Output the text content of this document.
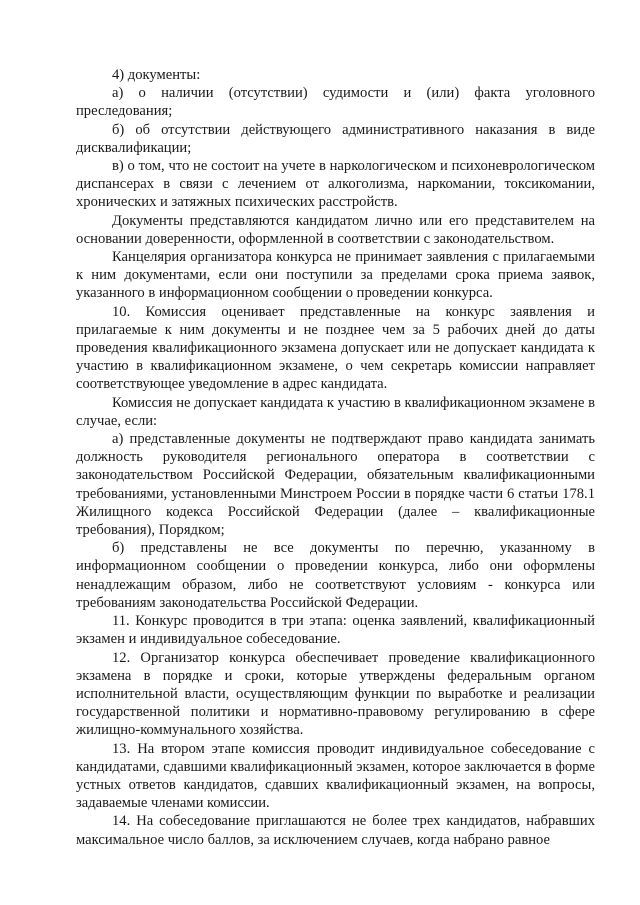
4) документы:

а) о наличии (отсутствии) судимости и (или) факта уголовного преследования;

б) об отсутствии действующего административного наказания в виде дисквалификации;

в) о том, что не состоит на учете в наркологическом и психоневрологическом диспансерах в связи с лечением от алкоголизма, наркомании, токсикомании, хронических и затяжных психических расстройств.

Документы представляются кандидатом лично или его представителем на основании доверенности, оформленной в соответствии с законодательством.

Канцелярия организатора конкурса не принимает заявления с прилагаемыми к ним документами, если они поступили за пределами срока приема заявок, указанного в информационном сообщении о проведении конкурса.

10. Комиссия оценивает представленные на конкурс заявления и прилагаемые к ним документы и не позднее чем за 5 рабочих дней до даты проведения квалификационного экзамена допускает или не допускает кандидата к участию в квалификационном экзамене, о чем секретарь комиссии направляет соответствующее уведомление в адрес кандидата.

Комиссия не допускает кандидата к участию в квалификационном экзамене в случае, если:

а) представленные документы не подтверждают право кандидата занимать должность руководителя регионального оператора в соответствии с законодательством Российской Федерации, обязательным квалификационными требованиями, установленными Минстроем России в порядке части 6 статьи 178.1 Жилищного кодекса Российской Федерации (далее – квалификационные требования), Порядком;

б) представлены не все документы по перечню, указанному в информационном сообщении о проведении конкурса, либо они оформлены ненадлежащим образом, либо не соответствуют условиям - конкурса или требованиям законодательства Российской Федерации.

11. Конкурс проводится в три этапа: оценка заявлений, квалификационный экзамен и индивидуальное собеседование.

12. Организатор конкурса обеспечивает проведение квалификационного экзамена в порядке и сроки, которые утверждены федеральным органом исполнительной власти, осуществляющим функции по выработке и реализации государственной политики и нормативно-правовому регулированию в сфере жилищно-коммунального хозяйства.

13. На втором этапе комиссия проводит индивидуальное собеседование с кандидатами, сдавшими квалификационный экзамен, которое заключается в форме устных ответов кандидатов, сдавших квалификационный экзамен, на вопросы, задаваемые членами комиссии.

14. На собеседование приглашаются не более трех кандидатов, набравших максимальное число баллов, за исключением случаев, когда набрано равное
